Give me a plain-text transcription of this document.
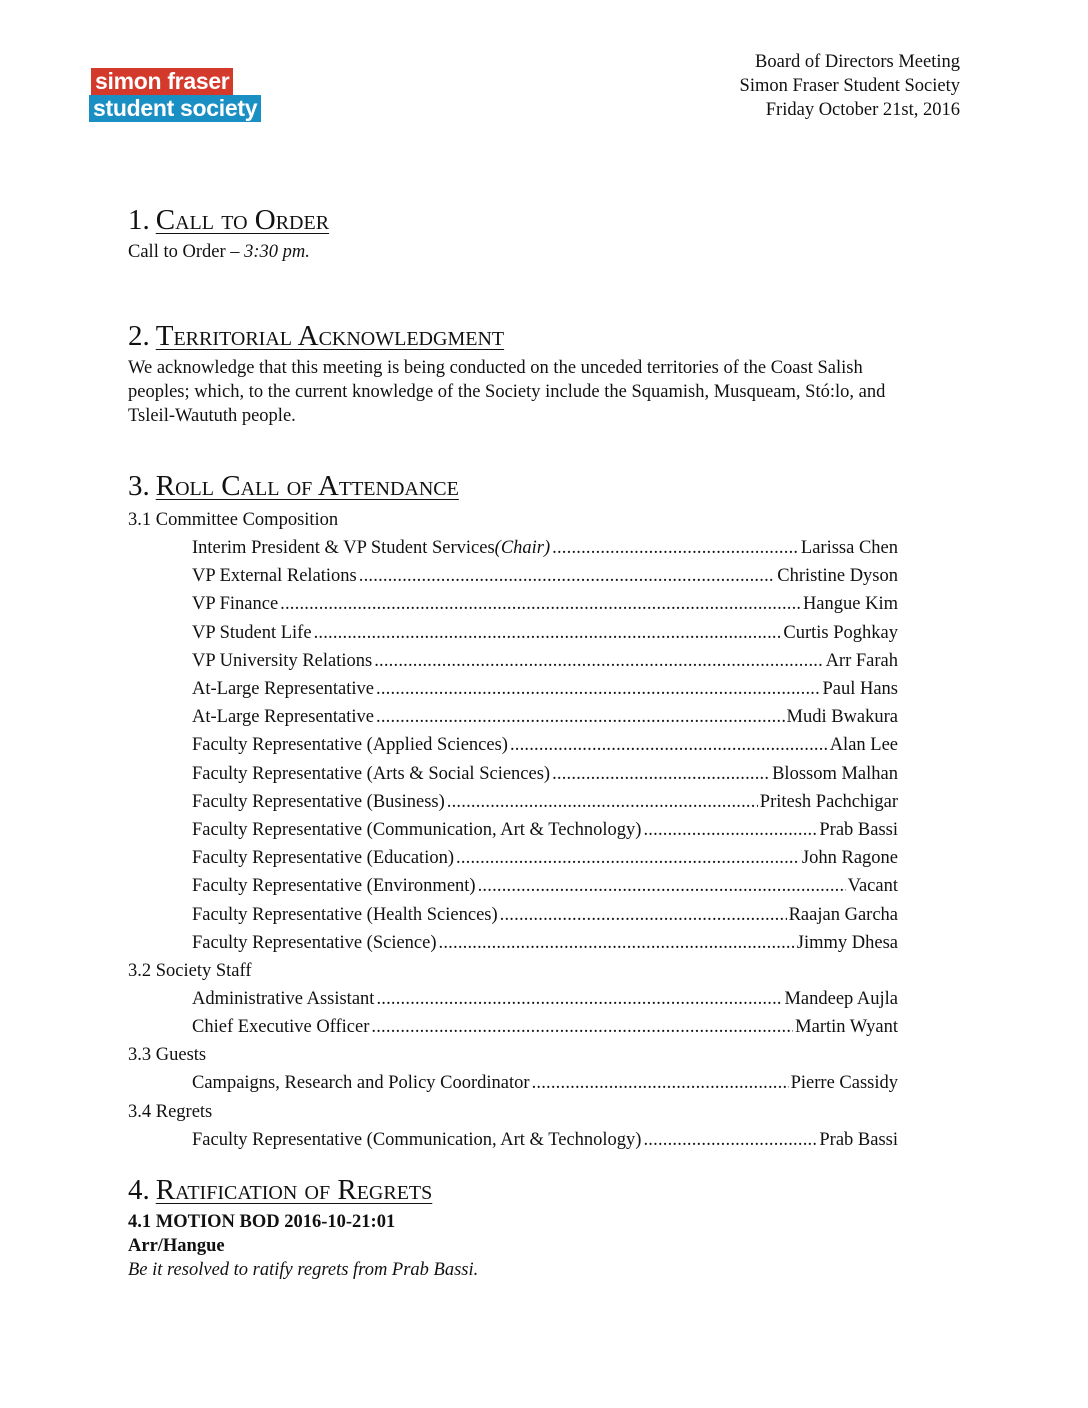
simon fraser
student society
Board of Directors Meeting
Simon Fraser Student Society
Friday October 21st, 2016
1. Call to Order

Call to Order – 3:30 pm.

2. Territorial Acknowledgment

We acknowledge that this meeting is being conducted on the unceded territories of the Coast Salish peoples; which, to the current knowledge of the Society include the Squamish, Musqueam, Stó:lo, and Tsleil-Waututh people.

3. Roll Call of Attendance
3.1 Committee Composition
Interim President & VP Student Services (Chair) .....	Larissa Chen
VP External Relations .....	Christine Dyson
VP Finance .....	Hangue Kim
VP Student Life .....	Curtis Poghkay
VP University Relations .....	Arr Farah
At-Large Representative .....	Paul Hans
At-Large Representative .....	Mudi Bwakura
Faculty Representative (Applied Sciences) .....	Alan Lee
Faculty Representative (Arts & Social Sciences) .....	Blossom Malhan
Faculty Representative (Business) .....	Pritesh Pachchigar
Faculty Representative (Communication, Art & Technology) .....	Prab Bassi
Faculty Representative (Education) .....	John Ragone
Faculty Representative (Environment) .....	Vacant
Faculty Representative (Health Sciences) .....	Raajan Garcha
Faculty Representative (Science) .....	Jimmy Dhesa
3.2 Society Staff
Administrative Assistant .....	Mandeep Aujla
Chief Executive Officer .....	Martin Wyant
3.3 Guests
Campaigns, Research and Policy Coordinator .....	Pierre Cassidy
3.4 Regrets
Faculty Representative (Communication, Art & Technology) .....	Prab Bassi
4. Ratification of Regrets

4.1 MOTION BOD 2016-10-21:01

Arr/Hangue

Be it resolved to ratify regrets from Prab Bassi.
